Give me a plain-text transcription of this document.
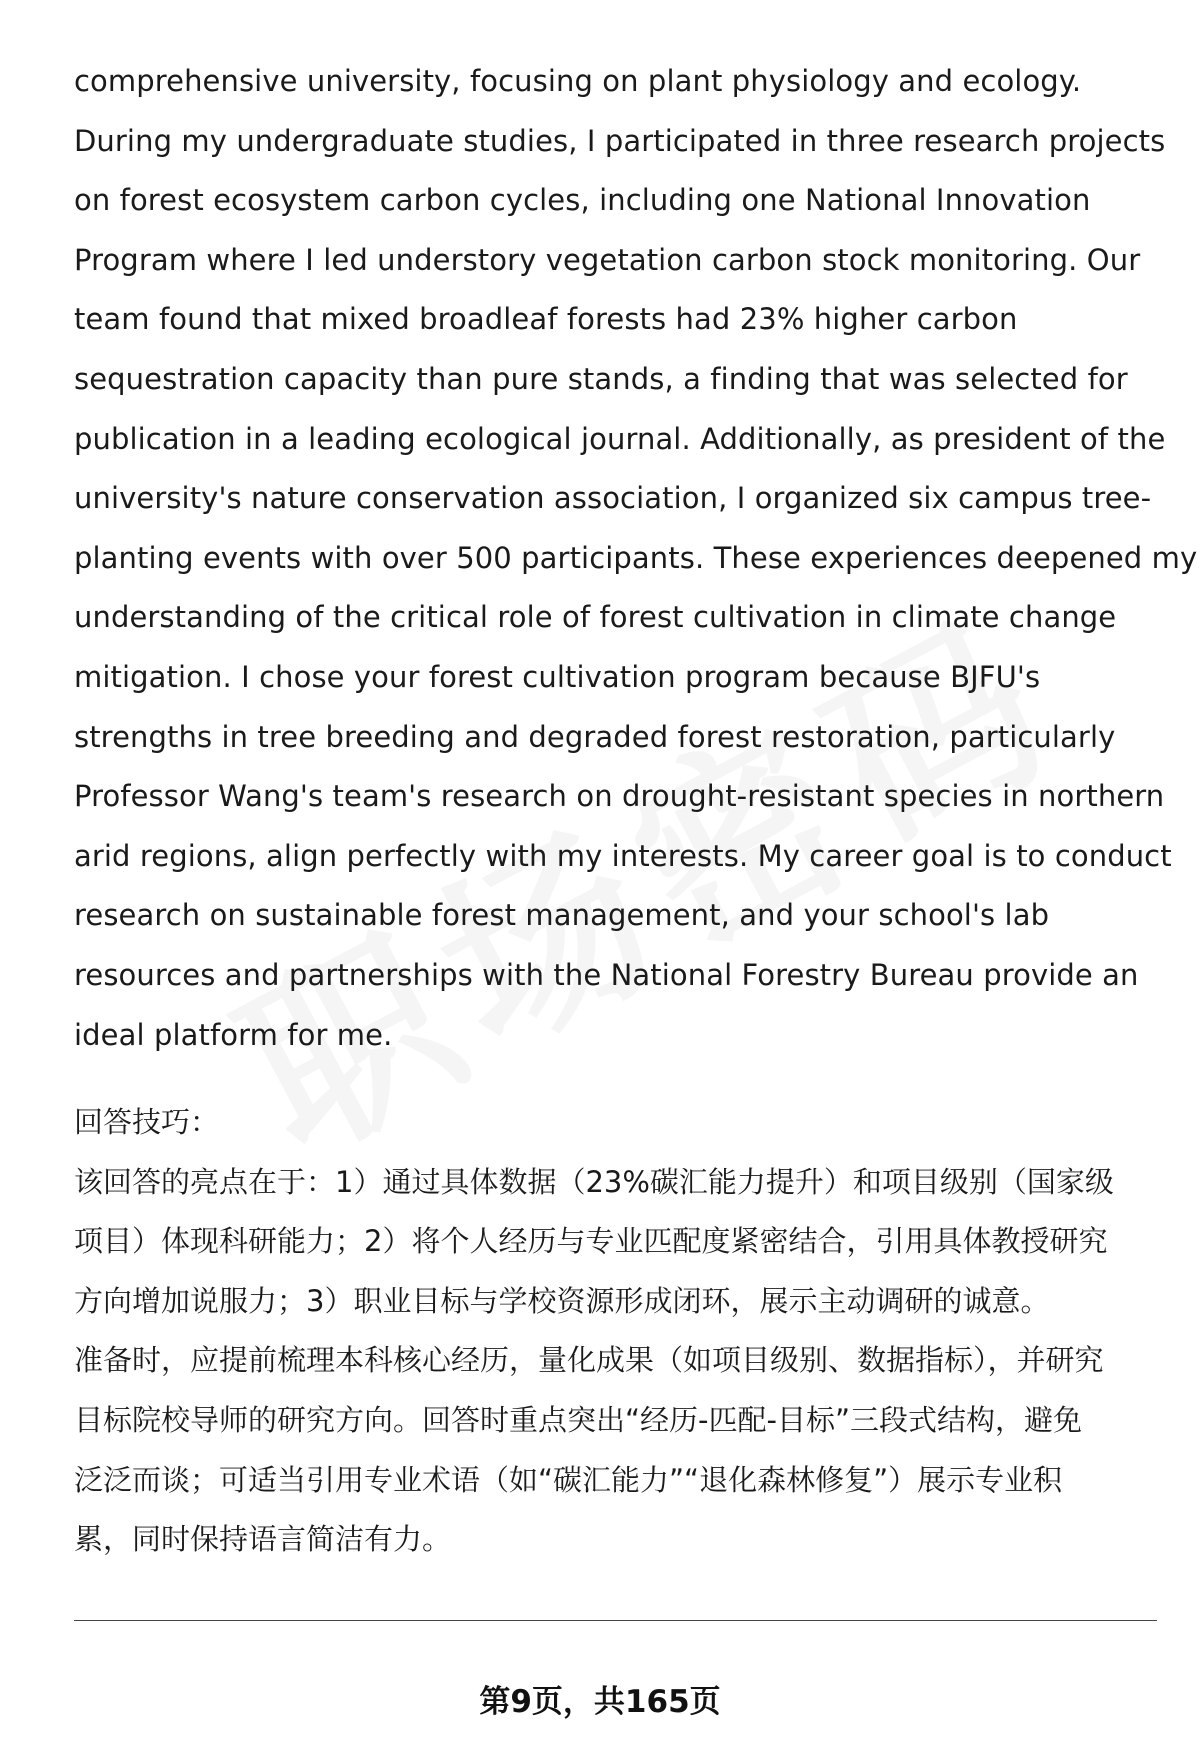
comprehensive university, focusing on plant physiology and ecology.
During my undergraduate studies, I participated in three research projects
on forest ecosystem carbon cycles, including one National Innovation
Program where I led understory vegetation carbon stock monitoring. Our
team found that mixed broadleaf forests had 23% higher carbon
sequestration capacity than pure stands, a finding that was selected for
publication in a leading ecological journal. Additionally, as president of the
university's nature conservation association, I organized six campus tree-
planting events with over 500 participants. These experiences deepened my
understanding of the critical role of forest cultivation in climate change
mitigation. I chose your forest cultivation program because BJFU's
strengths in tree breeding and degraded forest restoration, particularly
Professor Wang's team's research on drought-resistant species in northern
arid regions, align perfectly with my interests. My career goal is to conduct
research on sustainable forest management, and your school's lab
resources and partnerships with the National Forestry Bureau provide an
ideal platform for me.

回答技巧：

该回答的亮点在于：1）通过具体数据（23%碳汇能力提升）和项目级别（国家级
项目）体现科研能力；2）将个人经历与专业匹配度紧密结合，引用具体教授研究
方向增加说服力；3）职业目标与学校资源形成闭环，展示主动调研的诚意。

准备时，应提前梳理本科核心经历，量化成果（如项目级别、数据指标），并研究
目标院校导师的研究方向。回答时重点突出“经历-匹配-目标”三段式结构，避免
泛泛而谈；可适当引用专业术语（如“碳汇能力”“退化森林修复”）展示专业积
累，同时保持语言简洁有力。

第9页，共165页
